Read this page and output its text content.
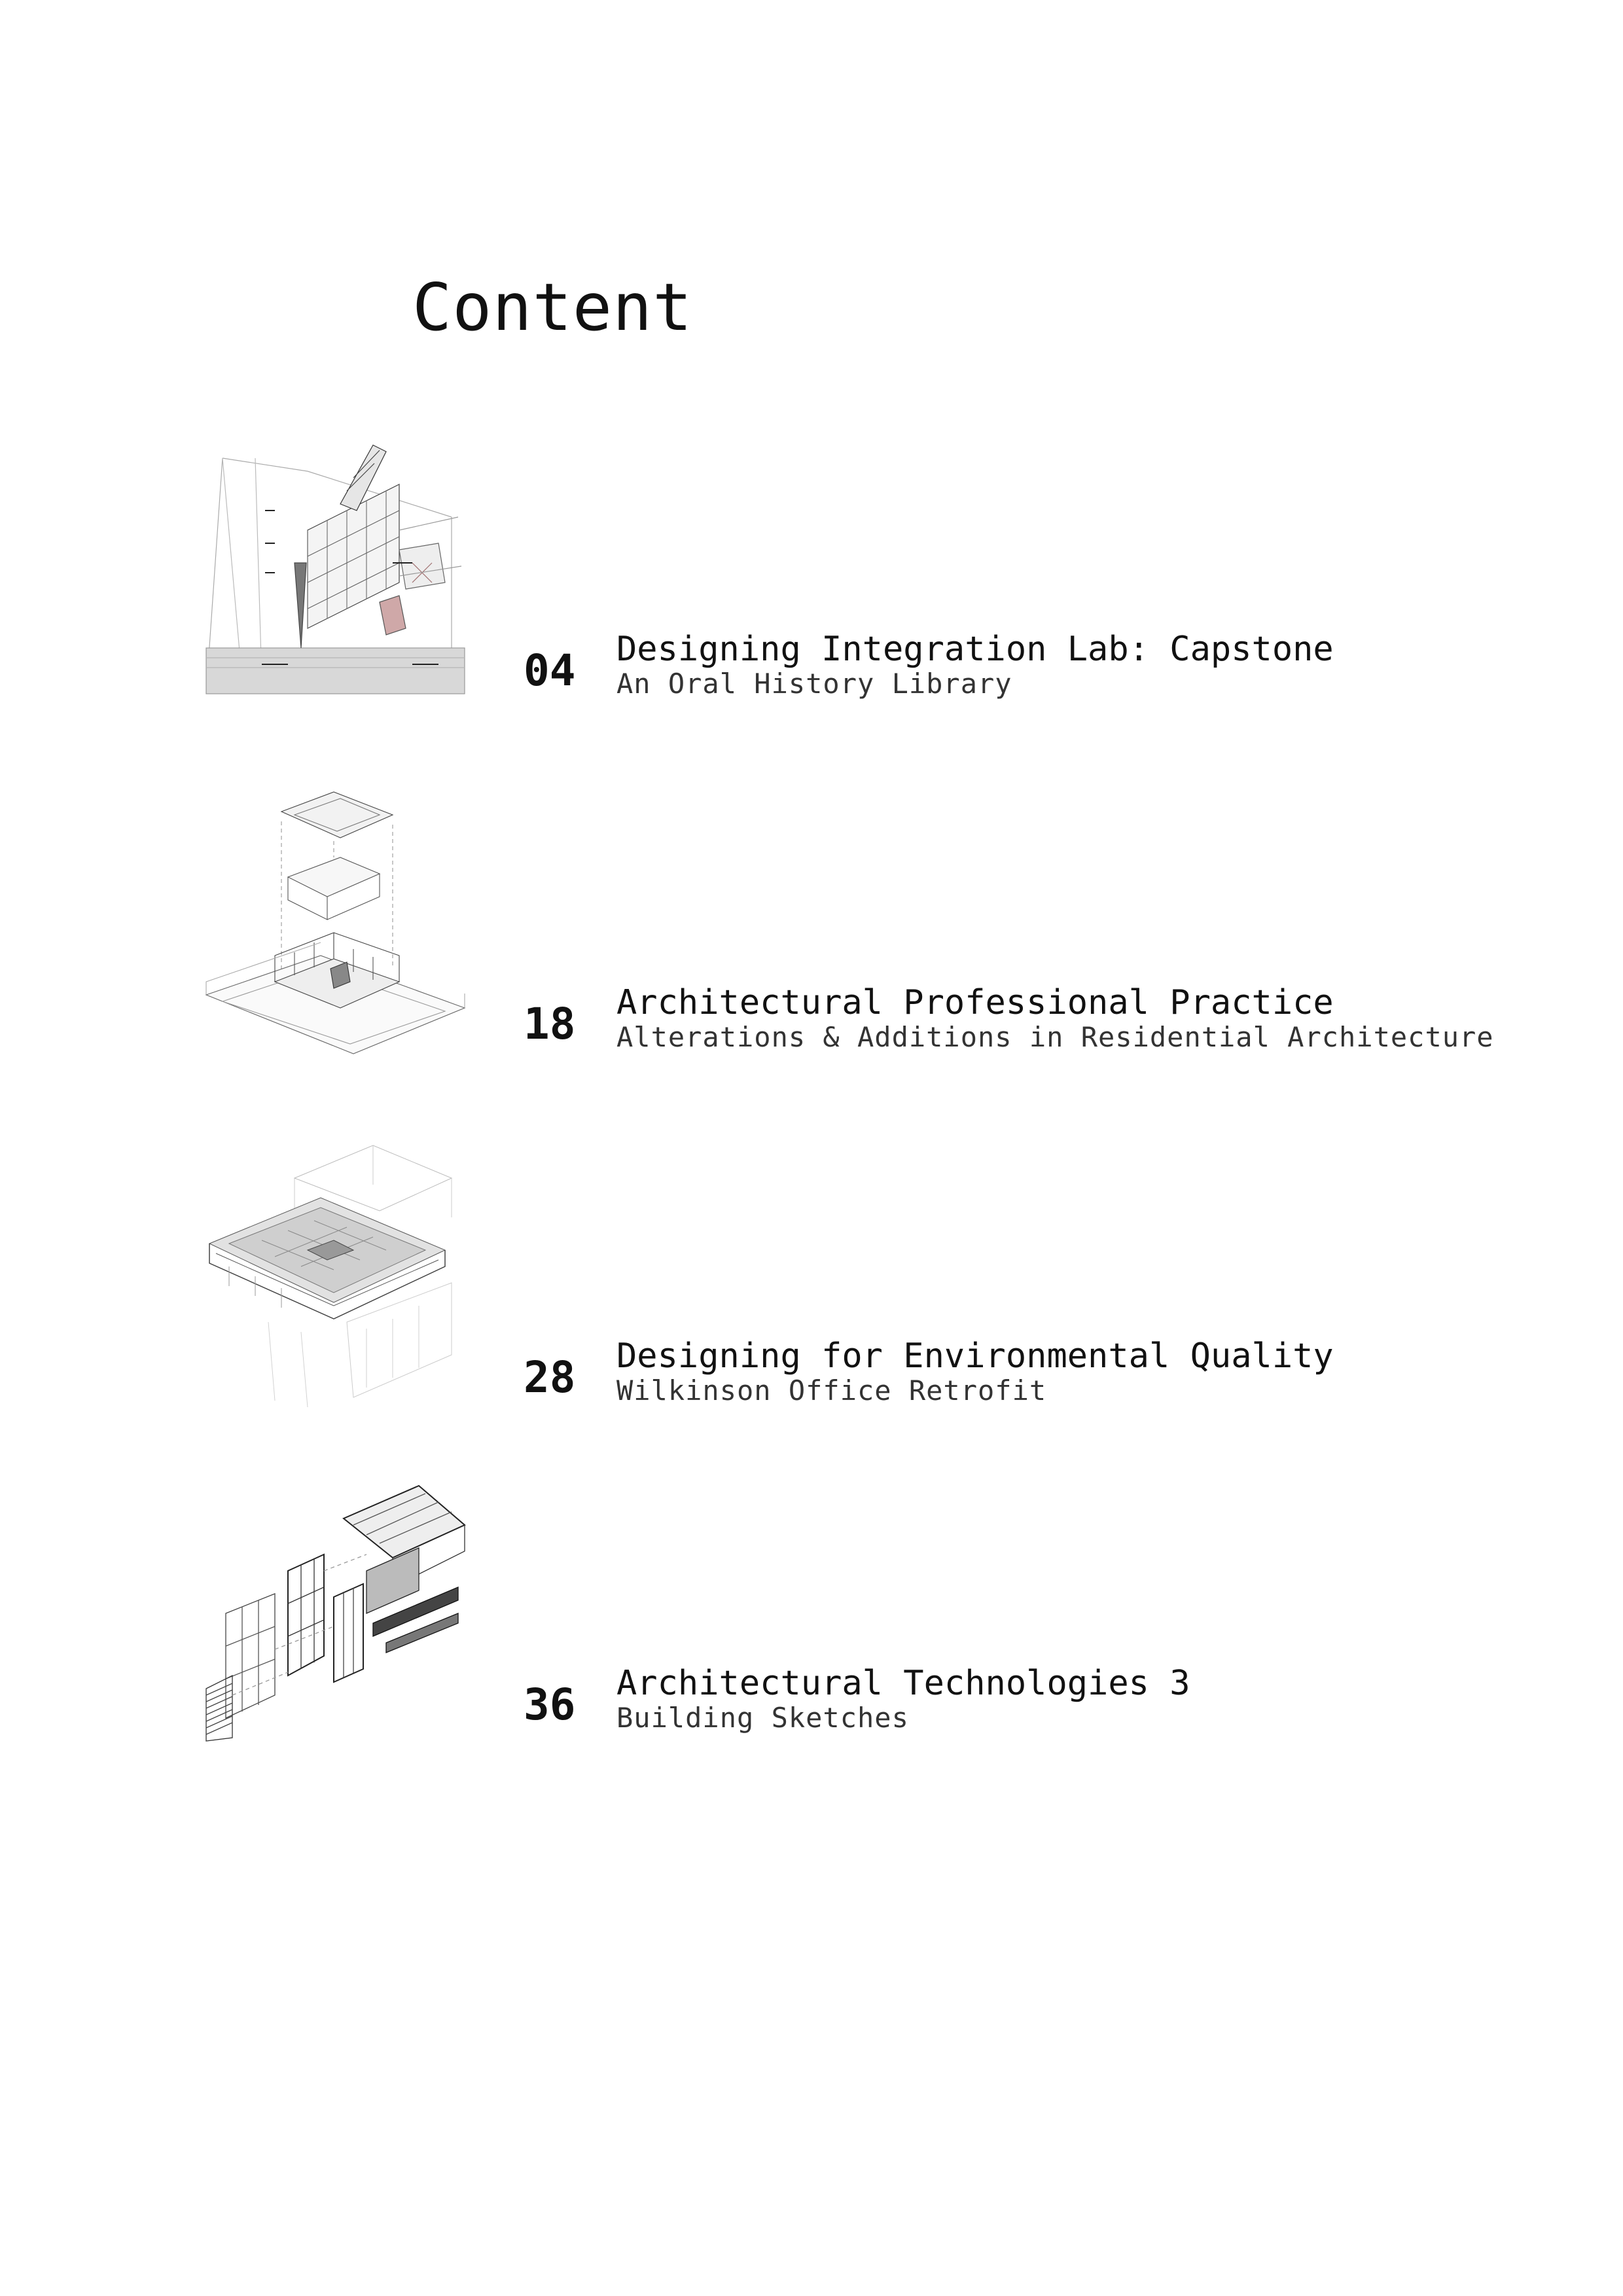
Content
04 Designing Integration Lab: Capstone
An Oral History Library
18 Architectural Professional Practice
Alterations & Additions in Residential Architecture
28 Designing for Environmental Quality
Wilkinson Office Retrofit
36 Architectural Technologies 3
Building Sketches
